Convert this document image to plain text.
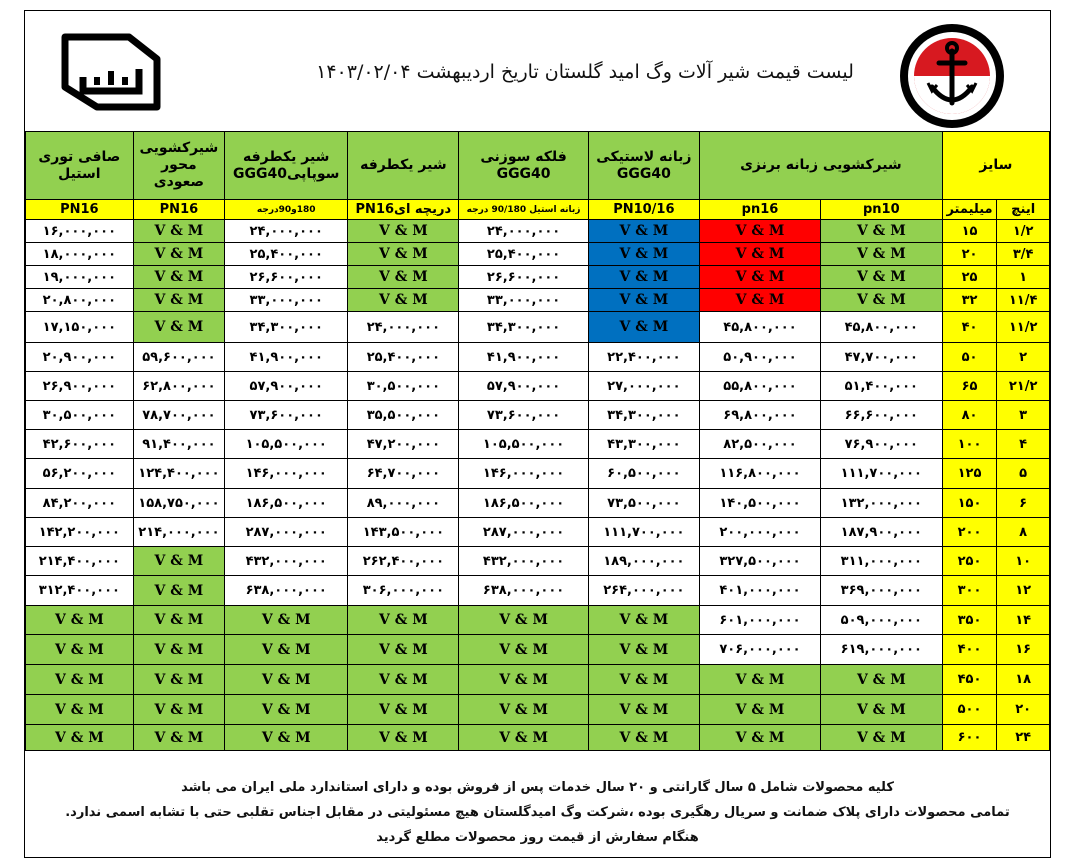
لیست قیمت شیر آلات وگ امید گلستان تاریخ اردیبهشت ۱۴۰۳/۰۲/۰۴
سایز		شیرکشویی زبانه برنزی		زبانه لاستیکی GGG40	فلکه سوزنی GGG40	شیر یکطرفه	شیر یکطرفه سوپاپیGGG40	شیرکشویی محور صعودی	صافی توری استیل
اینچ	میلیمتر	pn10	pn16	PN10/16	زبانه استیل 90/180 درجه	دریچه ایPN16	180و90درجه	PN16	PN16
۱/۲	۱۵	V & M	V & M	V & M	۲۴,۰۰۰,۰۰۰	V & M	۲۴,۰۰۰,۰۰۰	V & M	۱۶,۰۰۰,۰۰۰
۳/۴	۲۰	V & M	V & M	V & M	۲۵,۴۰۰,۰۰۰	V & M	۲۵,۴۰۰,۰۰۰	V & M	۱۸,۰۰۰,۰۰۰
۱	۲۵	V & M	V & M	V & M	۲۶,۶۰۰,۰۰۰	V & M	۲۶,۶۰۰,۰۰۰	V & M	۱۹,۰۰۰,۰۰۰
۱۱/۴	۳۲	V & M	V & M	V & M	۳۳,۰۰۰,۰۰۰	V & M	۳۳,۰۰۰,۰۰۰	V & M	۲۰,۸۰۰,۰۰۰
۱۱/۲	۴۰	۴۵,۸۰۰,۰۰۰	۴۵,۸۰۰,۰۰۰	V & M	۳۴,۳۰۰,۰۰۰	۲۴,۰۰۰,۰۰۰	۳۴,۳۰۰,۰۰۰	V & M	۱۷,۱۵۰,۰۰۰
۲	۵۰	۴۷,۷۰۰,۰۰۰	۵۰,۹۰۰,۰۰۰	۲۲,۴۰۰,۰۰۰	۴۱,۹۰۰,۰۰۰	۲۵,۴۰۰,۰۰۰	۴۱,۹۰۰,۰۰۰	۵۹,۶۰۰,۰۰۰	۲۰,۹۰۰,۰۰۰
۲۱/۲	۶۵	۵۱,۴۰۰,۰۰۰	۵۵,۸۰۰,۰۰۰	۲۷,۰۰۰,۰۰۰	۵۷,۹۰۰,۰۰۰	۳۰,۵۰۰,۰۰۰	۵۷,۹۰۰,۰۰۰	۶۲,۸۰۰,۰۰۰	۲۶,۹۰۰,۰۰۰
۳	۸۰	۶۶,۶۰۰,۰۰۰	۶۹,۸۰۰,۰۰۰	۳۴,۳۰۰,۰۰۰	۷۳,۶۰۰,۰۰۰	۳۵,۵۰۰,۰۰۰	۷۳,۶۰۰,۰۰۰	۷۸,۷۰۰,۰۰۰	۳۰,۵۰۰,۰۰۰
۴	۱۰۰	۷۶,۹۰۰,۰۰۰	۸۲,۵۰۰,۰۰۰	۴۳,۳۰۰,۰۰۰	۱۰۵,۵۰۰,۰۰۰	۴۷,۲۰۰,۰۰۰	۱۰۵,۵۰۰,۰۰۰	۹۱,۴۰۰,۰۰۰	۴۲,۶۰۰,۰۰۰
۵	۱۲۵	۱۱۱,۷۰۰,۰۰۰	۱۱۶,۸۰۰,۰۰۰	۶۰,۵۰۰,۰۰۰	۱۴۶,۰۰۰,۰۰۰	۶۴,۷۰۰,۰۰۰	۱۴۶,۰۰۰,۰۰۰	۱۲۴,۴۰۰,۰۰۰	۵۶,۲۰۰,۰۰۰
۶	۱۵۰	۱۳۲,۰۰۰,۰۰۰	۱۴۰,۵۰۰,۰۰۰	۷۳,۵۰۰,۰۰۰	۱۸۶,۵۰۰,۰۰۰	۸۹,۰۰۰,۰۰۰	۱۸۶,۵۰۰,۰۰۰	۱۵۸,۷۵۰,۰۰۰	۸۴,۲۰۰,۰۰۰
۸	۲۰۰	۱۸۷,۹۰۰,۰۰۰	۲۰۰,۰۰۰,۰۰۰	۱۱۱,۷۰۰,۰۰۰	۲۸۷,۰۰۰,۰۰۰	۱۴۳,۵۰۰,۰۰۰	۲۸۷,۰۰۰,۰۰۰	۲۱۴,۰۰۰,۰۰۰	۱۴۲,۲۰۰,۰۰۰
۱۰	۲۵۰	۳۱۱,۰۰۰,۰۰۰	۳۲۷,۵۰۰,۰۰۰	۱۸۹,۰۰۰,۰۰۰	۴۳۲,۰۰۰,۰۰۰	۲۶۲,۴۰۰,۰۰۰	۴۳۲,۰۰۰,۰۰۰	V & M	۲۱۴,۴۰۰,۰۰۰
۱۲	۳۰۰	۳۶۹,۰۰۰,۰۰۰	۴۰۱,۰۰۰,۰۰۰	۲۶۴,۰۰۰,۰۰۰	۶۳۸,۰۰۰,۰۰۰	۳۰۶,۰۰۰,۰۰۰	۶۳۸,۰۰۰,۰۰۰	V & M	۳۱۲,۴۰۰,۰۰۰
۱۴	۳۵۰	۵۰۹,۰۰۰,۰۰۰	۶۰۱,۰۰۰,۰۰۰	V & M	V & M	V & M	V & M	V & M	V & M
۱۶	۴۰۰	۶۱۹,۰۰۰,۰۰۰	۷۰۶,۰۰۰,۰۰۰	V & M	V & M	V & M	V & M	V & M	V & M
۱۸	۴۵۰	V & M	V & M	V & M	V & M	V & M	V & M	V & M	V & M
۲۰	۵۰۰	V & M	V & M	V & M	V & M	V & M	V & M	V & M	V & M
۲۴	۶۰۰	V & M	V & M	V & M	V & M	V & M	V & M	V & M	V & M
کلیه محصولات شامل ۵ سال گارانتی و ۲۰ سال خدمات پس از فروش بوده و دارای استاندارد ملی ایران می باشد
تمامی محصولات دارای پلاک ضمانت و سریال رهگیری بوده ،شرکت وگ امیدگلستان هیچ مسئولیتی در مقابل اجناس تقلبی حتی با تشابه اسمی ندارد.
هنگام سفارش از قیمت روز محصولات مطلع گردید
